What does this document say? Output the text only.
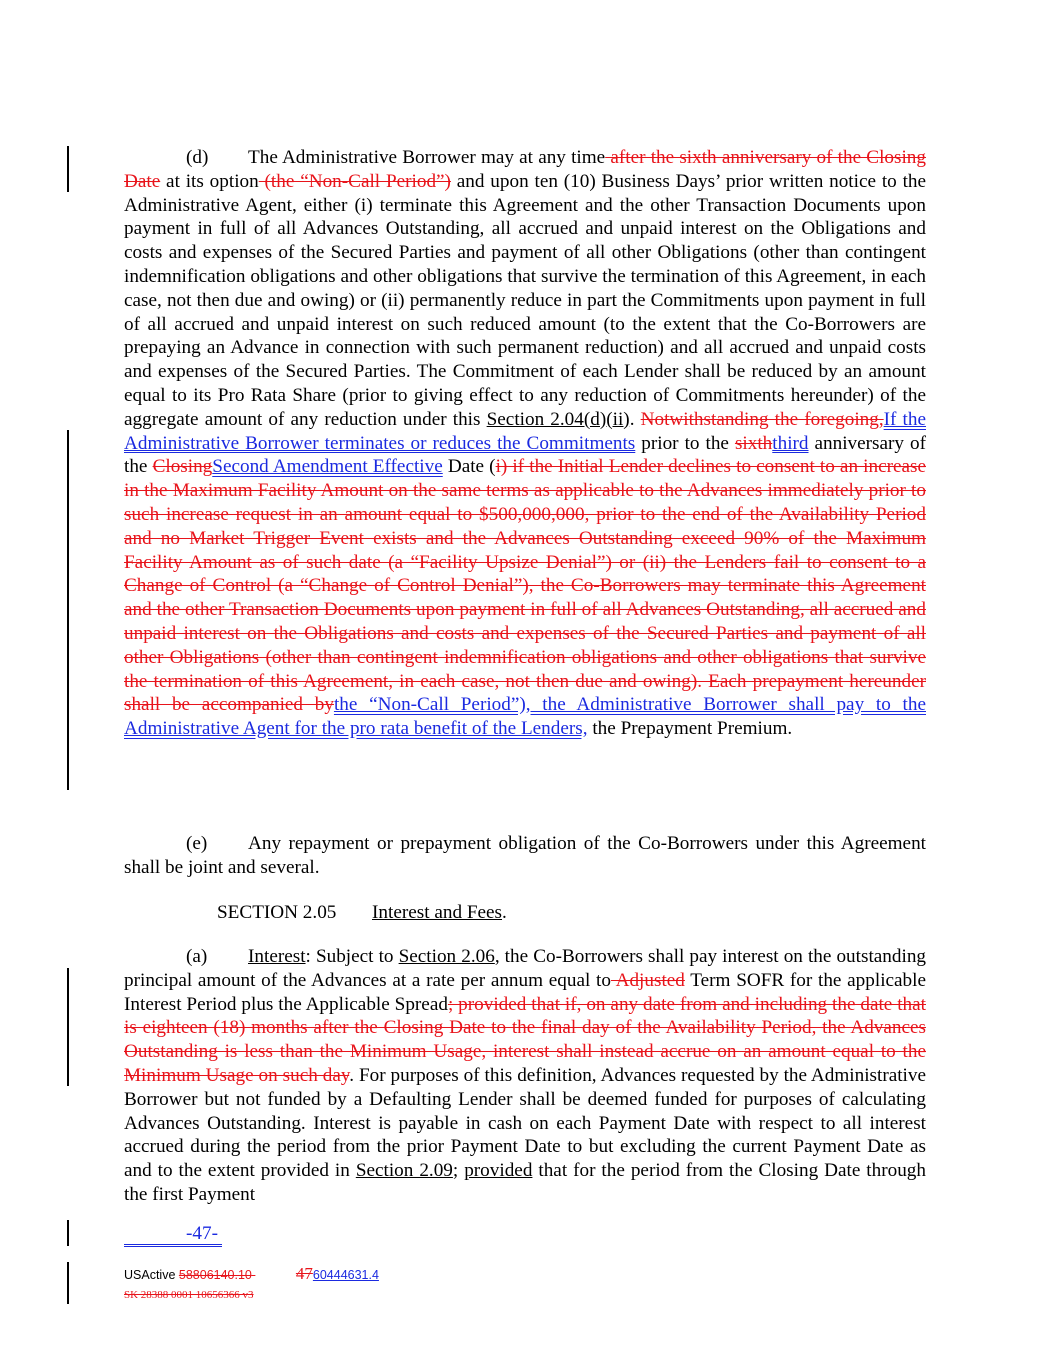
(d) The Administrative Borrower may at any time after the sixth anniversary of the Closing Date at its option (the “Non-Call Period”) and upon ten (10) Business Days’ prior written notice to the Administrative Agent, either (i) terminate this Agreement and the other Transaction Documents upon payment in full of all Advances Outstanding, all accrued and unpaid interest on the Obligations and costs and expenses of the Secured Parties and payment of all other Obligations (other than contingent indemnification obligations and other obligations that survive the termination of this Agreement, in each case, not then due and owing) or (ii) permanently reduce in part the Commitments upon payment in full of all accrued and unpaid interest on such reduced amount (to the extent that the Co-Borrowers are prepaying an Advance in connection with such permanent reduction) and all accrued and unpaid costs and expenses of the Secured Parties. The Commitment of each Lender shall be reduced by an amount equal to its Pro Rata Share (prior to giving effect to any reduction of Commitments hereunder) of the aggregate amount of any reduction under this Section 2.04(d)(ii). Notwithstanding the foregoing,If the Administrative Borrower terminates or reduces the Commitments prior to the sixththird anniversary of the ClosingSecond Amendment Effective Date (i) if the Initial Lender declines to consent to an increase in the Maximum Facility Amount on the same terms as applicable to the Advances immediately prior to such increase request in an amount equal to $500,000,000, prior to the end of the Availability Period and no Market Trigger Event exists and the Advances Outstanding exceed 90% of the Maximum Facility Amount as of such date (a “Facility Upsize Denial”) or (ii) the Lenders fail to consent to a Change of Control (a “Change of Control Denial”), the Co-Borrowers may terminate this Agreement and the other Transaction Documents upon payment in full of all Advances Outstanding, all accrued and unpaid interest on the Obligations and costs and expenses of the Secured Parties and payment of all other Obligations (other than contingent indemnification obligations and other obligations that survive the termination of this Agreement, in each case, not then due and owing). Each prepayment hereunder shall be accompanied bythe “Non-Call Period”), the Administrative Borrower shall pay to the Administrative Agent for the pro rata benefit of the Lenders, the Prepayment Premium.
(e) Any repayment or prepayment obligation of the Co-Borrowers under this Agreement shall be joint and several.
SECTION 2.05 Interest and Fees.
(a) Interest: Subject to Section 2.06, the Co-Borrowers shall pay interest on the outstanding principal amount of the Advances at a rate per annum equal to Adjusted Term SOFR for the applicable Interest Period plus the Applicable Spread; provided that if, on any date from and including the date that is eighteen (18) months after the Closing Date to the final day of the Availability Period, the Advances Outstanding is less than the Minimum Usage, interest shall instead accrue on an amount equal to the Minimum Usage on such day. For purposes of this definition, Advances requested by the Administrative Borrower but not funded by a Defaulting Lender shall be deemed funded for purposes of calculating Advances Outstanding. Interest is payable in cash on each Payment Date with respect to all interest accrued during the period from the prior Payment Date to but excluding the current Payment Date as and to the extent provided in Section 2.09; provided that for the period from the Closing Date through the first Payment
-47-
USActive 58806140.10	4760444631.4
SK 28388 0001 10656366 v3
